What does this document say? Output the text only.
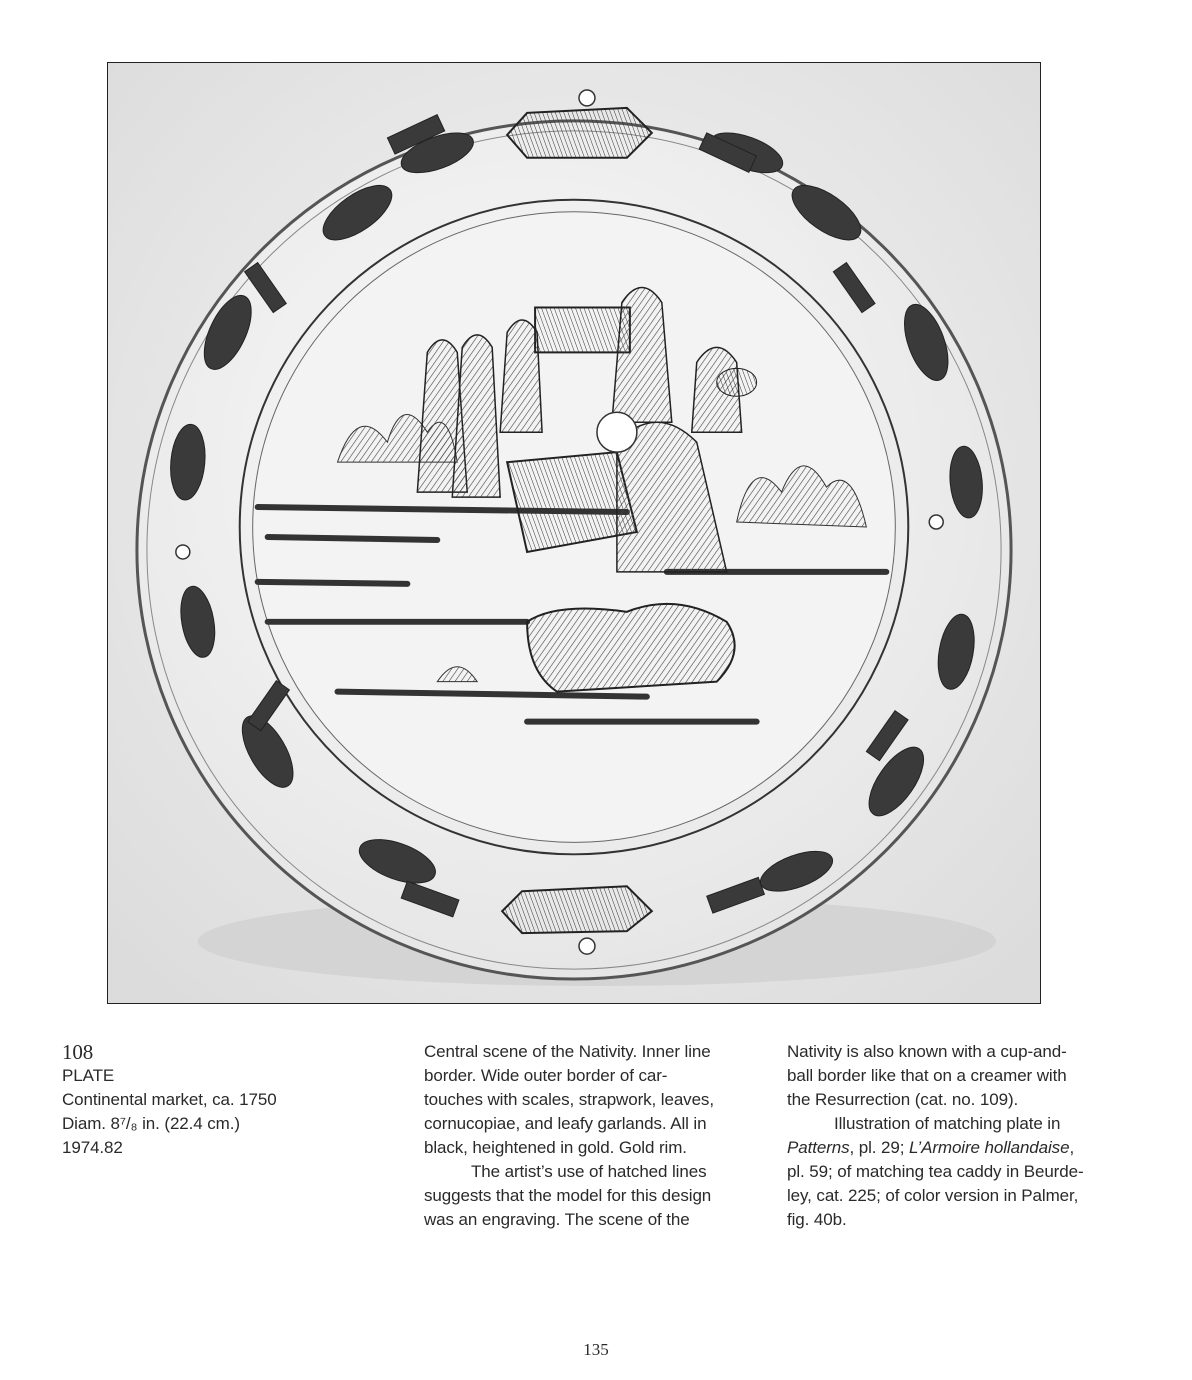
108

PLATE

Continental market, ca. 1750

Diam. 8⁷/₈ in. (22.4 cm.)

1974.82

Central scene of the Nativity. Inner line

border. Wide outer border of car-

touches with scales, strapwork, leaves,

cornucopiae, and leafy garlands. All in

black, heightened in gold. Gold rim.

The artist’s use of hatched lines

suggests that the model for this design

was an engraving. The scene of the

Nativity is also known with a cup-and-

ball border like that on a creamer with

the Resurrection (cat. no. 109).

Illustration of matching plate in

Patterns, pl. 29; L’Armoire hollandaise,

pl. 59; of matching tea caddy in Beurde-

ley, cat. 225; of color version in Palmer,

fig. 40b.

135
